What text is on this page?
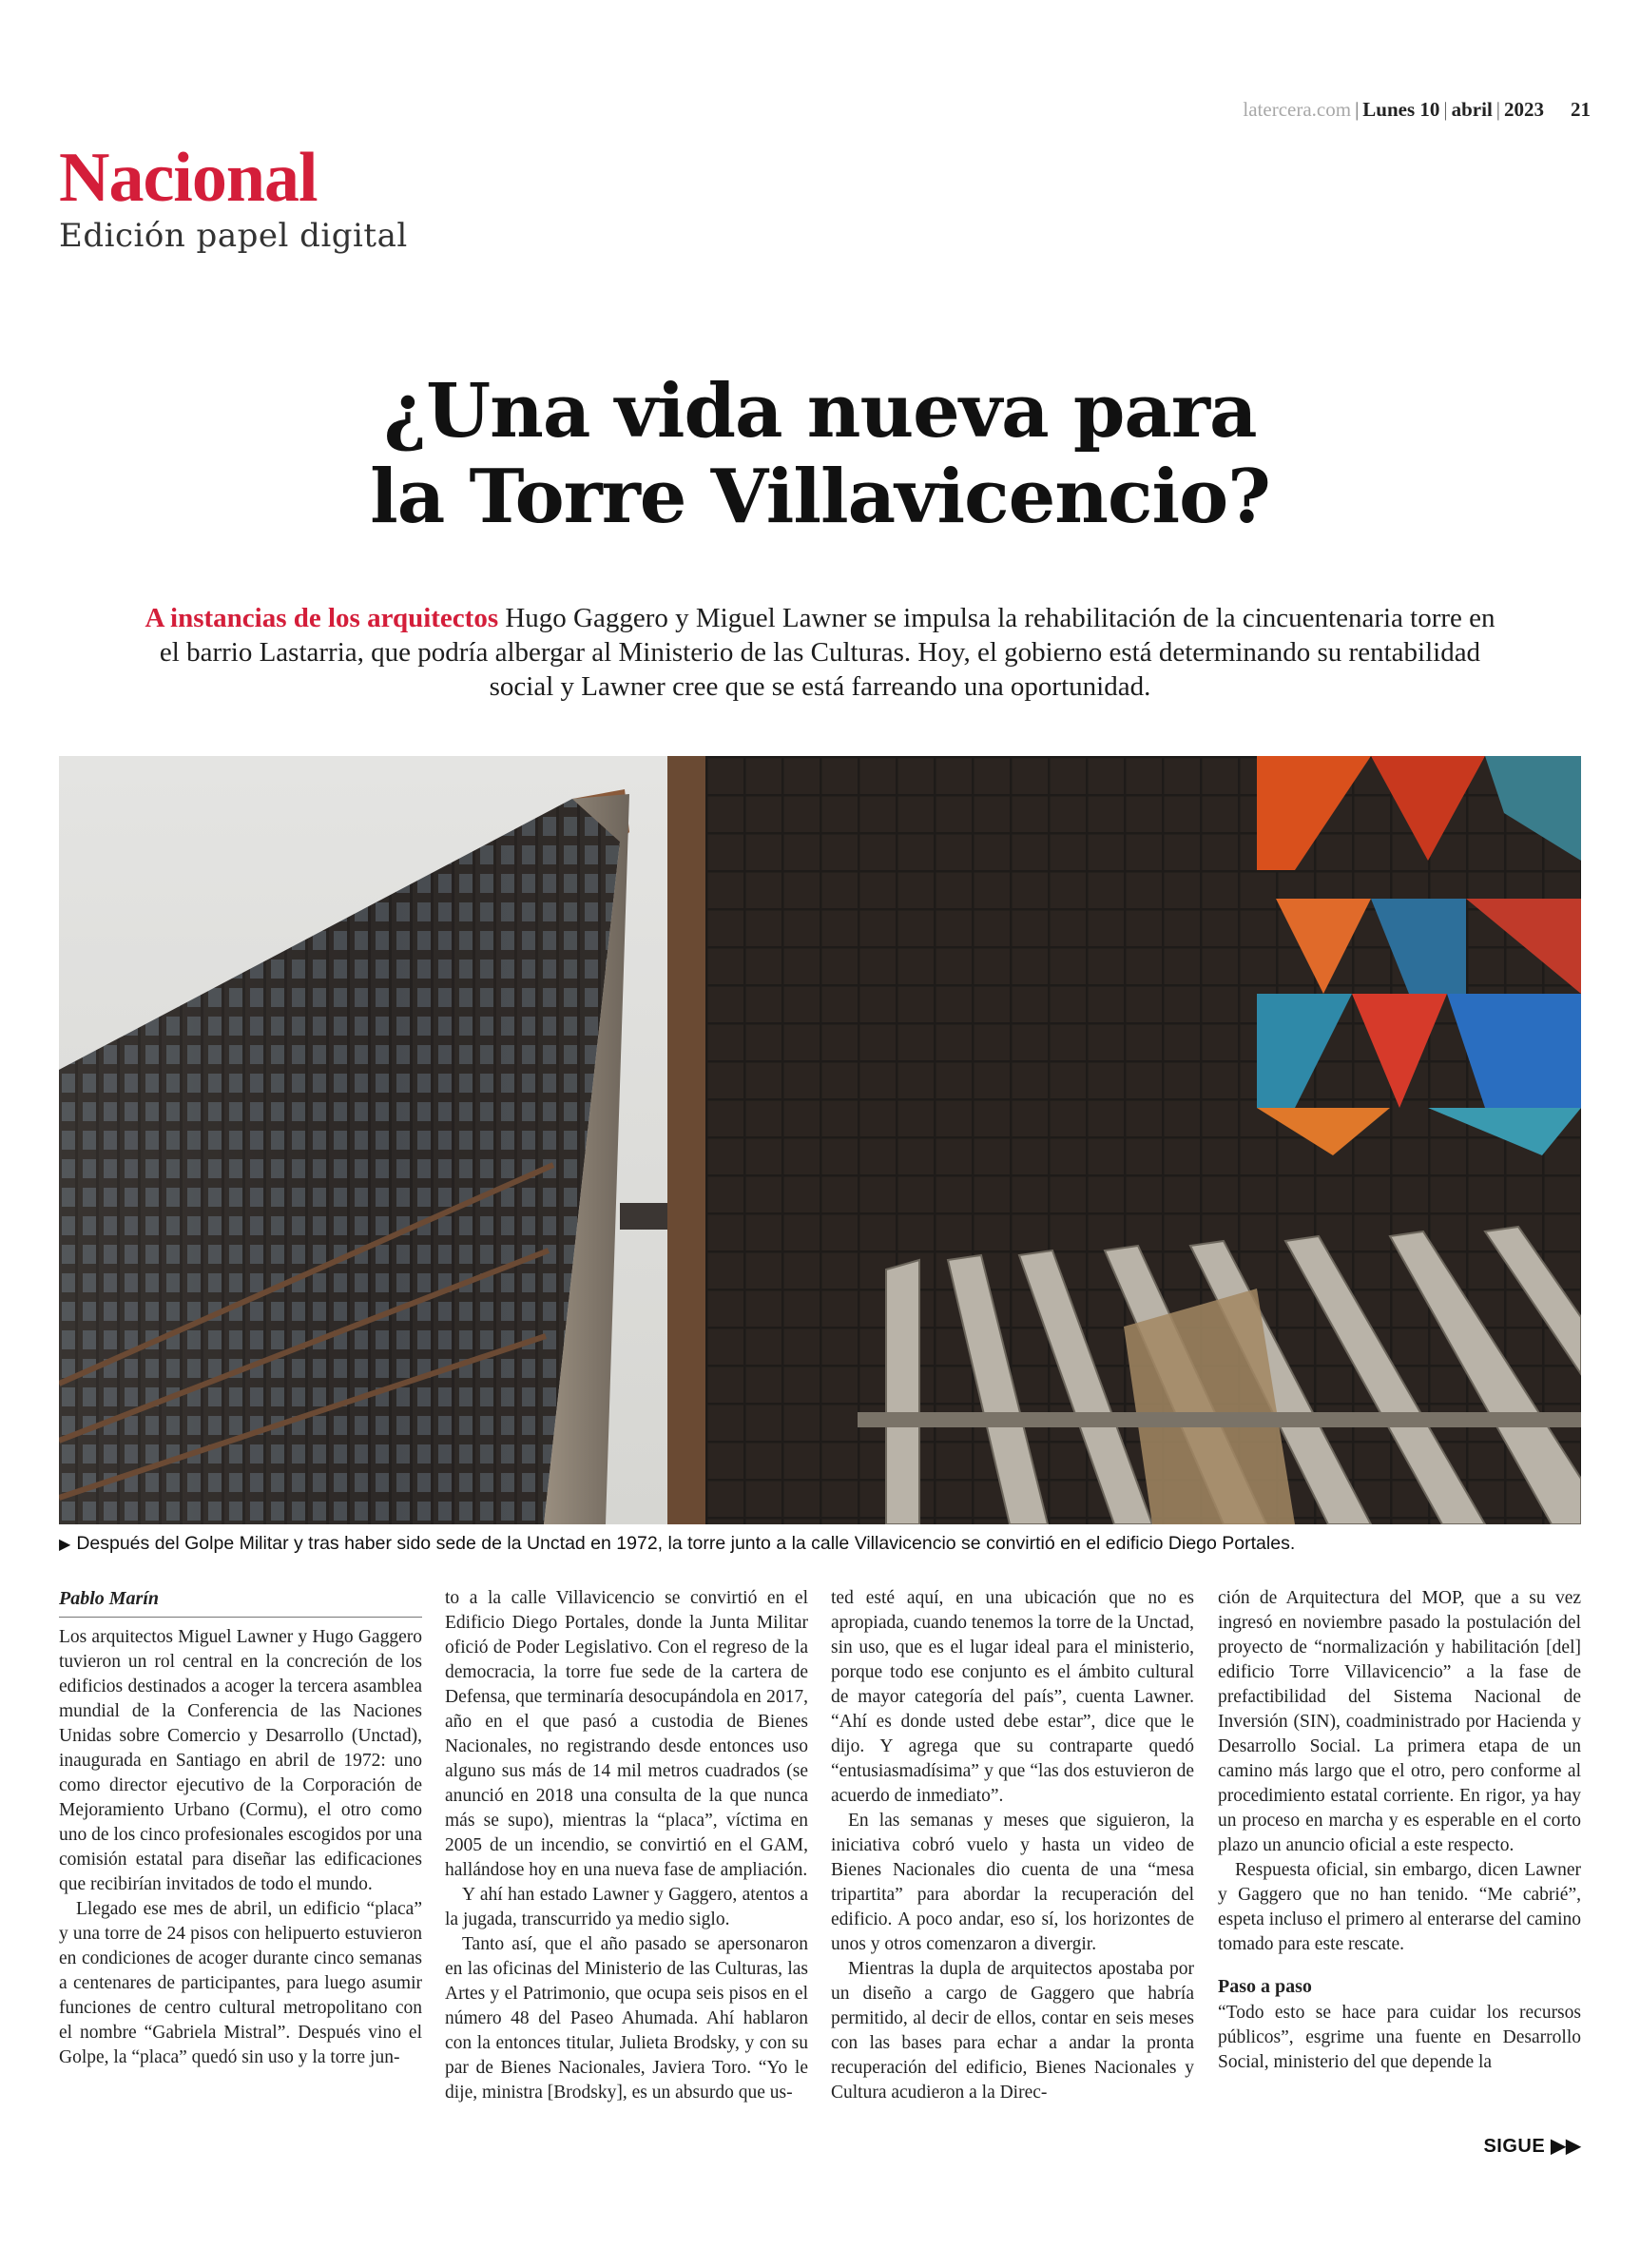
latercera.com | Lunes 10 | abril | 2023 21
Nacional
Edición papel digital
¿Una vida nueva para
la Torre Villavicencio?
A instancias de los arquitectos Hugo Gaggero y Miguel Lawner se impulsa la rehabilitación de la cincuentenaria torre en el barrio Lastarria, que podría albergar al Ministerio de las Culturas. Hoy, el gobierno está determinando su rentabilidad social y Lawner cree que se está farreando una oportunidad.
▶ Después del Golpe Militar y tras haber sido sede de la Unctad en 1972, la torre junto a la calle Villavicencio se convirtió en el edificio Diego Portales.
Pablo Marín

Los arquitectos Miguel Lawner y Hugo Gaggero tuvieron un rol central en la concreción de los edificios destinados a acoger la tercera asamblea mundial de la Conferencia de las Naciones Unidas sobre Comercio y Desarrollo (Unctad), inaugurada en Santiago en abril de 1972: uno como director ejecutivo de la Corporación de Mejoramiento Urbano (Cormu), el otro como uno de los cinco profesionales escogidos por una comisión estatal para diseñar las edificaciones que recibirían invitados de todo el mundo.

Llegado ese mes de abril, un edificio “placa” y una torre de 24 pisos con helipuerto estuvieron en condiciones de acoger durante cinco semanas a centenares de participantes, para luego asumir funciones de centro cultural metropolitano con el nombre “Gabriela Mistral”. Después vino el Golpe, la “placa” quedó sin uso y la torre jun-

to a la calle Villavicencio se convirtió en el Edificio Diego Portales, donde la Junta Militar ofició de Poder Legislativo. Con el regreso de la democracia, la torre fue sede de la cartera de Defensa, que terminaría desocupándola en 2017, año en el que pasó a custodia de Bienes Nacionales, no registrando desde entonces uso alguno sus más de 14 mil metros cuadrados (se anunció en 2018 una consulta de la que nunca más se supo), mientras la “placa”, víctima en 2005 de un incendio, se convirtió en el GAM, hallándose hoy en una nueva fase de ampliación.

Y ahí han estado Lawner y Gaggero, atentos a la jugada, transcurrido ya medio siglo.

Tanto así, que el año pasado se apersonaron en las oficinas del Ministerio de las Culturas, las Artes y el Patrimonio, que ocupa seis pisos en el número 48 del Paseo Ahumada. Ahí hablaron con la entonces titular, Julieta Brodsky, y con su par de Bienes Nacionales, Javiera Toro. “Yo le dije, ministra [Brodsky], es un absurdo que us-

ted esté aquí, en una ubicación que no es apropiada, cuando tenemos la torre de la Unctad, sin uso, que es el lugar ideal para el ministerio, porque todo ese conjunto es el ámbito cultural de mayor categoría del país”, cuenta Lawner. “Ahí es donde usted debe estar”, dice que le dijo. Y agrega que su contraparte quedó “entusiasmadísima” y que “las dos estuvieron de acuerdo de inmediato”.

En las semanas y meses que siguieron, la iniciativa cobró vuelo y hasta un video de Bienes Nacionales dio cuenta de una “mesa tripartita” para abordar la recuperación del edificio. A poco andar, eso sí, los horizontes de unos y otros comenzaron a divergir.

Mientras la dupla de arquitectos apostaba por un diseño a cargo de Gaggero que habría permitido, al decir de ellos, contar en seis meses con las bases para echar a andar la pronta recuperación del edificio, Bienes Nacionales y Cultura acudieron a la Direc-

ción de Arquitectura del MOP, que a su vez ingresó en noviembre pasado la postulación del proyecto de “normalización y habilitación [del] edificio Torre Villavicencio” a la fase de prefactibilidad del Sistema Nacional de Inversión (SIN), coadministrado por Hacienda y Desarrollo Social. La primera etapa de un camino más largo que el otro, pero conforme al procedimiento estatal corriente. En rigor, ya hay un proceso en marcha y es esperable en el corto plazo un anuncio oficial a este respecto.

Respuesta oficial, sin embargo, dicen Lawner y Gaggero que no han tenido. “Me cabrié”, espeta incluso el primero al enterarse del camino tomado para este rescate.

Paso a paso

“Todo esto se hace para cuidar los recursos públicos”, esgrime una fuente en Desarrollo Social, ministerio del que depende la

SIGUE ▶▶
